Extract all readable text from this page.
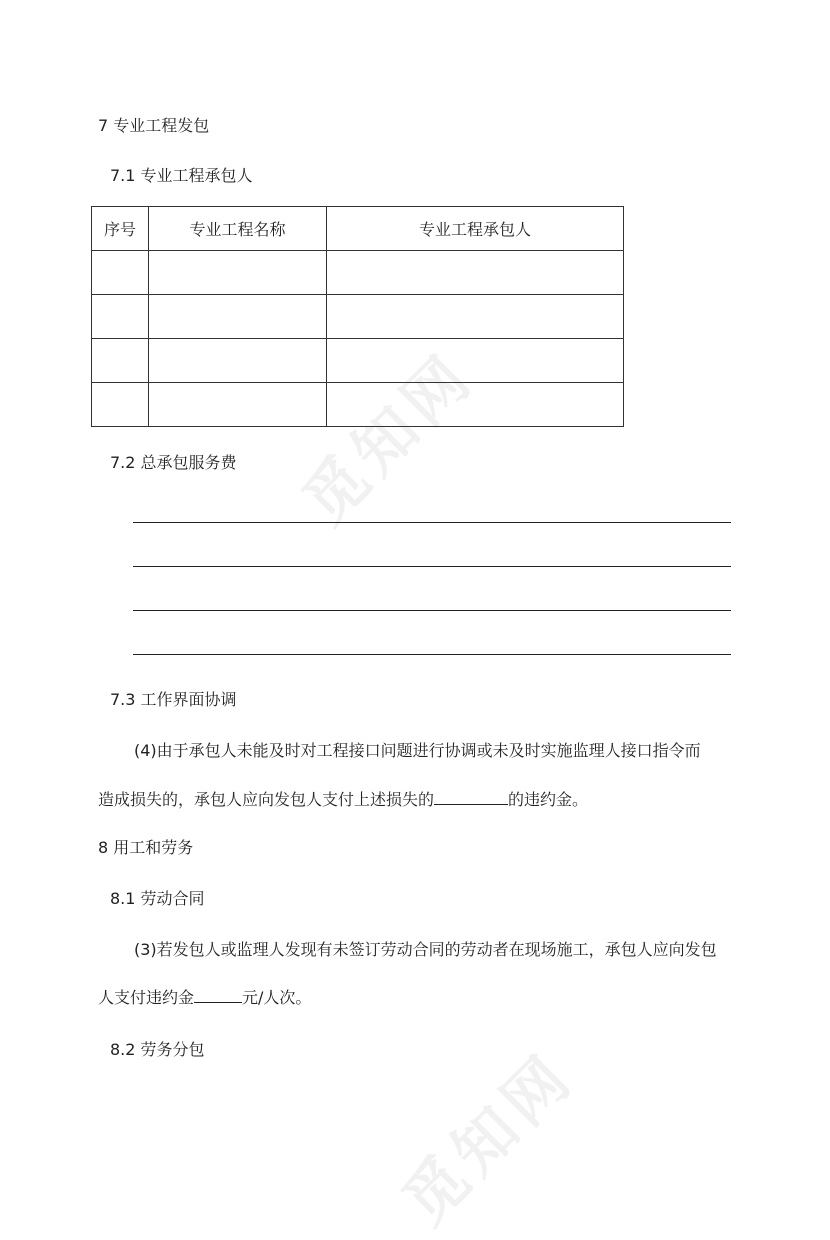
觅知网
觅知网
7 专业工程发包
7.1 专业工程承包人
序号	专业工程名称	专业工程承包人

7.2 总承包服务费
7.3 工作界面协调
(4)由于承包人未能及时对工程接口问题进行协调或未及时实施监理人接口指令而
造成损失的，承包人应向发包人支付上述损失的	的违约金。
8 用工和劳务
8.1 劳动合同
(3)若发包人或监理人发现有未签订劳动合同的劳动者在现场施工，承包人应向发包
人支付违约金	元/人次。
8.2 劳务分包
